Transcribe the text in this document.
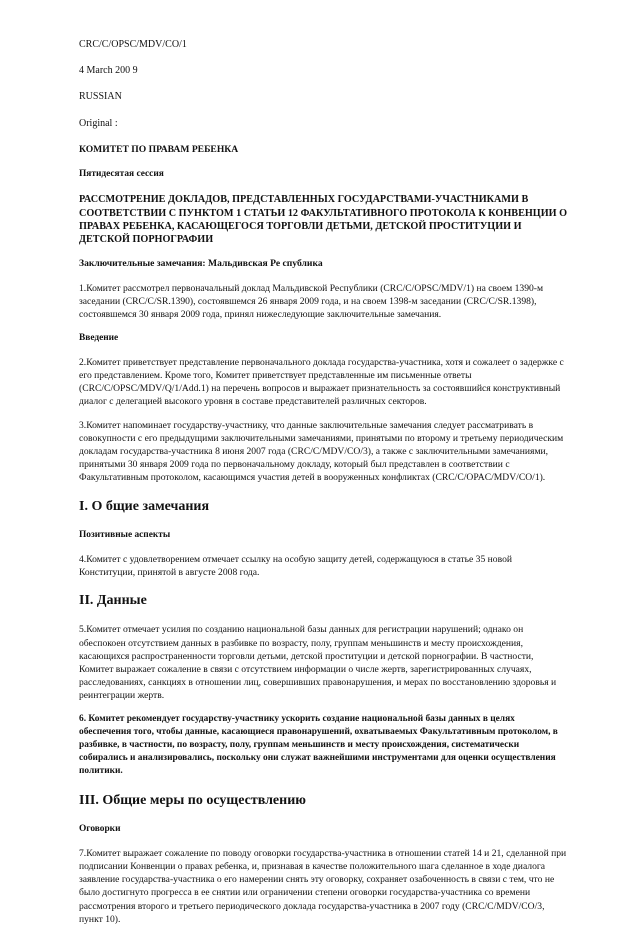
CRC/C/OPSC/MDV/CO/1
4 March 200 9
RUSSIAN
Original :
КОМИТЕТ ПО ПРАВАМ РЕБЕНКА
Пятидесятая сессия
РАССМОТРЕНИЕ ДОКЛАДОВ, ПРЕДСТАВЛЕННЫХ ГОСУДАРСТВАМИ-УЧАСТНИКАМИ В СООТВЕТСТВИИ С ПУНКТОМ 1 СТАТЬИ 12 ФАКУЛЬТАТИВНОГО ПРОТОКОЛА К КОНВЕНЦИИ О ПРАВАХ РЕБЕНКА, КАСАЮЩЕГОСЯ ТОРГОВЛИ ДЕТЬМИ, ДЕТСКОЙ ПРОСТИТУЦИИ И ДЕТСКОЙ ПОРНОГРАФИИ
Заключительные замечания: Мальдивская Ре спублика

1.Комитет рассмотрел первоначальный доклад Мальдивской Республики (CRC/C/OPSC/MDV/1) на своем 1390-м заседании (CRC/C/SR.1390), состоявшемся 26 января 2009 года, и на своем 1398-м заседании (CRC/C/SR.1398), состоявшемся 30 января 2009 года, принял нижеследующие заключительные замечания.

Введение

2.Комитет приветствует представление первоначального доклада государства-участника, хотя и сожалеет о задержке с его представлением. Кроме того, Комитет приветствует представленные им письменные ответы (CRC/C/OPSC/MDV/Q/1/Add.1) на перечень вопросов и выражает признательность за состоявшийся конструктивный диалог с делегацией высокого уровня в составе представителей различных секторов.

3.Комитет напоминает государству-участнику, что данные заключительные замечания следует рассматривать в совокупности с его предыдущими заключительными замечаниями, принятыми по второму и третьему периодическим докладам государства-участника 8 июня 2007 года (CRC/C/MDV/CO/3), а также с заключительными замечаниями, принятыми 30 января 2009 года по первоначальному докладу, который был представлен в соответствии с Факультативным протоколом, касающимся участия детей в вооруженных конфликтах (CRC/C/OPAC/MDV/CO/1).

I. О бщие замечания
Позитивные аспекты

4.Комитет с удовлетворением отмечает ссылку на особую защиту детей, содержащуюся в статье 35 новой Конституции, принятой в августе 2008 года.

II. Данные

5.Комитет отмечает усилия по созданию национальной базы данных для регистрации нарушений; однако он обеспокоен отсутствием данных в разбивке по возрасту, полу, группам меньшинств и месту происхождения, касающихся распространенности торговли детьми, детской проституции и детской порнографии. В частности, Комитет выражает сожаление в связи с отсутствием информации о числе жертв, зарегистрированных случаях, расследованиях, санкциях в отношении лиц, совершивших правонарушения, и мерах по восстановлению здоровья и реинтеграции жертв.

6. Комитет рекомендует государству-участнику ускорить создание национальной базы данных в целях обеспечения того, чтобы данные, касающиеся правонарушений, охватываемых Факультативным протоколом, в разбивке, в частности, по возрасту, полу, группам меньшинств и месту происхождения, систематически собирались и анализировались, поскольку они служат важнейшими инструментами для оценки осуществления политики.

III. Общие меры по осуществлению
Оговорки

7.Комитет выражает сожаление по поводу оговорки государства-участника в отношении статей 14 и 21, сделанной при подписании Конвенции о правах ребенка, и, признавая в качестве положительного шага сделанное в ходе диалога заявление государства-участника о его намерении снять эту оговорку, сохраняет озабоченность в связи с тем, что не было достигнуто прогресса в ее снятии или ограничении степени оговорки государства-участника со времени рассмотрения второго и третьего периодического доклада государства-участника в 2007 году (CRC/C/MDV/CO/3, пункт 10).
